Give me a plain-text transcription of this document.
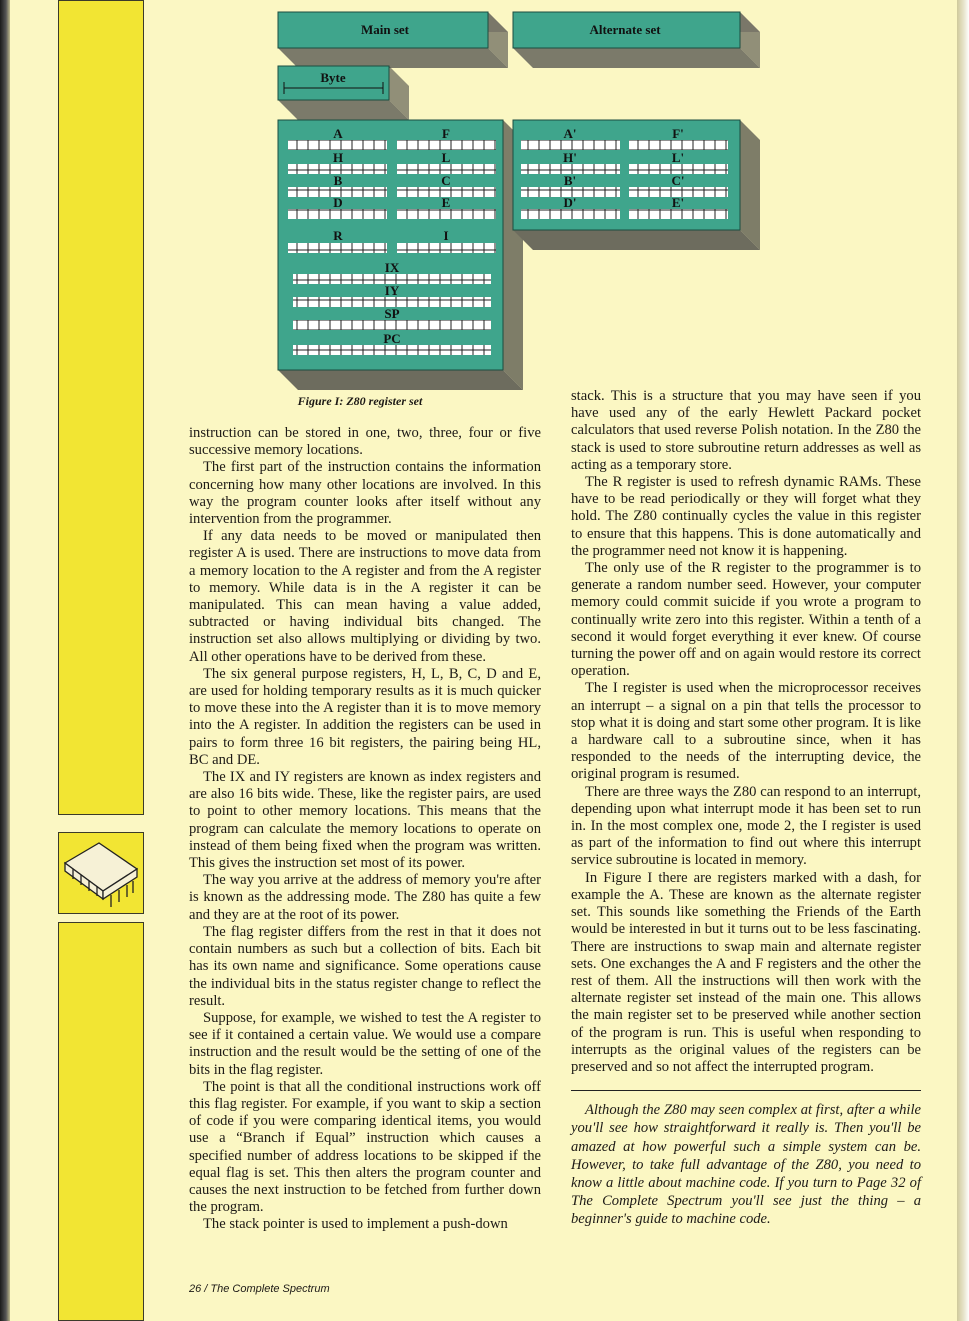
Main set	Alternate set
Byte
A	F
H	L
B	C
D	E
R	I
IX
IY
SP
PC
A'	F'
H'	L'
B'	C'
D'	E'
Figure I: Z80 register set

instruction can be stored in one, two, three, four or five successive memory locations.

The first part of the instruction contains the information concerning how many other locations are involved. In this way the program counter looks after itself without any intervention from the programmer.

If any data needs to be moved or manipulated then register A is used. There are instructions to move data from a memory location to the A register and from the A register to memory. While data is in the A register it can be manipulated. This can mean having a value added, subtracted or having individual bits changed. The instruction set also allows multiplying or dividing by two. All other operations have to be derived from these.

The six general purpose registers, H, L, B, C, D and E, are used for holding temporary results as it is much quicker to move these into the A register than it is to move memory into the A register. In addition the registers can be used in pairs to form three 16 bit registers, the pairing being HL, BC and DE.

The IX and IY registers are known as index registers and are also 16 bits wide. These, like the register pairs, are used to point to other memory locations. This means that the program can calculate the memory locations to operate on instead of them being fixed when the program was written. This gives the instruction set most of its power.

The way you arrive at the address of memory you're after is known as the addressing mode. The Z80 has quite a few and they are at the root of its power.

The flag register differs from the rest in that it does not contain numbers as such but a collection of bits. Each bit has its own name and significance. Some operations cause the individual bits in the status register change to reflect the result.

Suppose, for example, we wished to test the A register to see if it contained a certain value. We would use a compare instruction and the result would be the setting of one of the bits in the flag register.

The point is that all the conditional instructions work off this flag register. For example, if you want to skip a section of code if you were comparing identical items, you would use a “Branch if Equal” instruction which causes a specified number of address locations to be skipped if the equal flag is set. This then alters the program counter and causes the next instruction to be fetched from further down the program.

The stack pointer is used to implement a push-down

stack. This is a structure that you may have seen if you have used any of the early Hewlett Packard pocket calculators that used reverse Polish notation. In the Z80 the stack is used to store subroutine return addresses as well as acting as a temporary store.

The R register is used to refresh dynamic RAMs. These have to be read periodically or they will forget what they hold. The Z80 continually cycles the value in this register to ensure that this happens. This is done automatically and the programmer need not know it is happening.

The only use of the R register to the programmer is to generate a random number seed. However, your computer memory could commit suicide if you wrote a program to continually write zero into this register. Within a tenth of a second it would forget everything it ever knew. Of course turning the power off and on again would restore its correct operation.

The I register is used when the microprocessor receives an interrupt – a signal on a pin that tells the processor to stop what it is doing and start some other program. It is like a hardware call to a subroutine since, when it has responded to the needs of the interrupting device, the original program is resumed.

There are three ways the Z80 can respond to an interrupt, depending upon what interrupt mode it has been set to run in. In the most complex one, mode 2, the I register is used as part of the information to find out where this interrupt service subroutine is located in memory.

In Figure I there are registers marked with a dash, for example the A. These are known as the alternate register set. This sounds like something the Friends of the Earth would be interested in but it turns out to be less fascinating. There are instructions to swap main and alternate register sets. One exchanges the A and F registers and the other the rest of them. All the instructions will then work with the alternate register set instead of the main one. This allows the main register set to be preserved while another section of the program is run. This is useful when responding to interrupts as the original values of the registers can be preserved and so not affect the interrupted program.

Although the Z80 may seen complex at first, after a while you'll see how straightforward it really is. Then you'll be amazed at how powerful such a simple system can be. However, to take full advantage of the Z80, you need to know a little about machine code. If you turn to Page 32 of The Complete Spectrum you'll see just the thing – a beginner's guide to machine code.

26 / The Complete Spectrum
